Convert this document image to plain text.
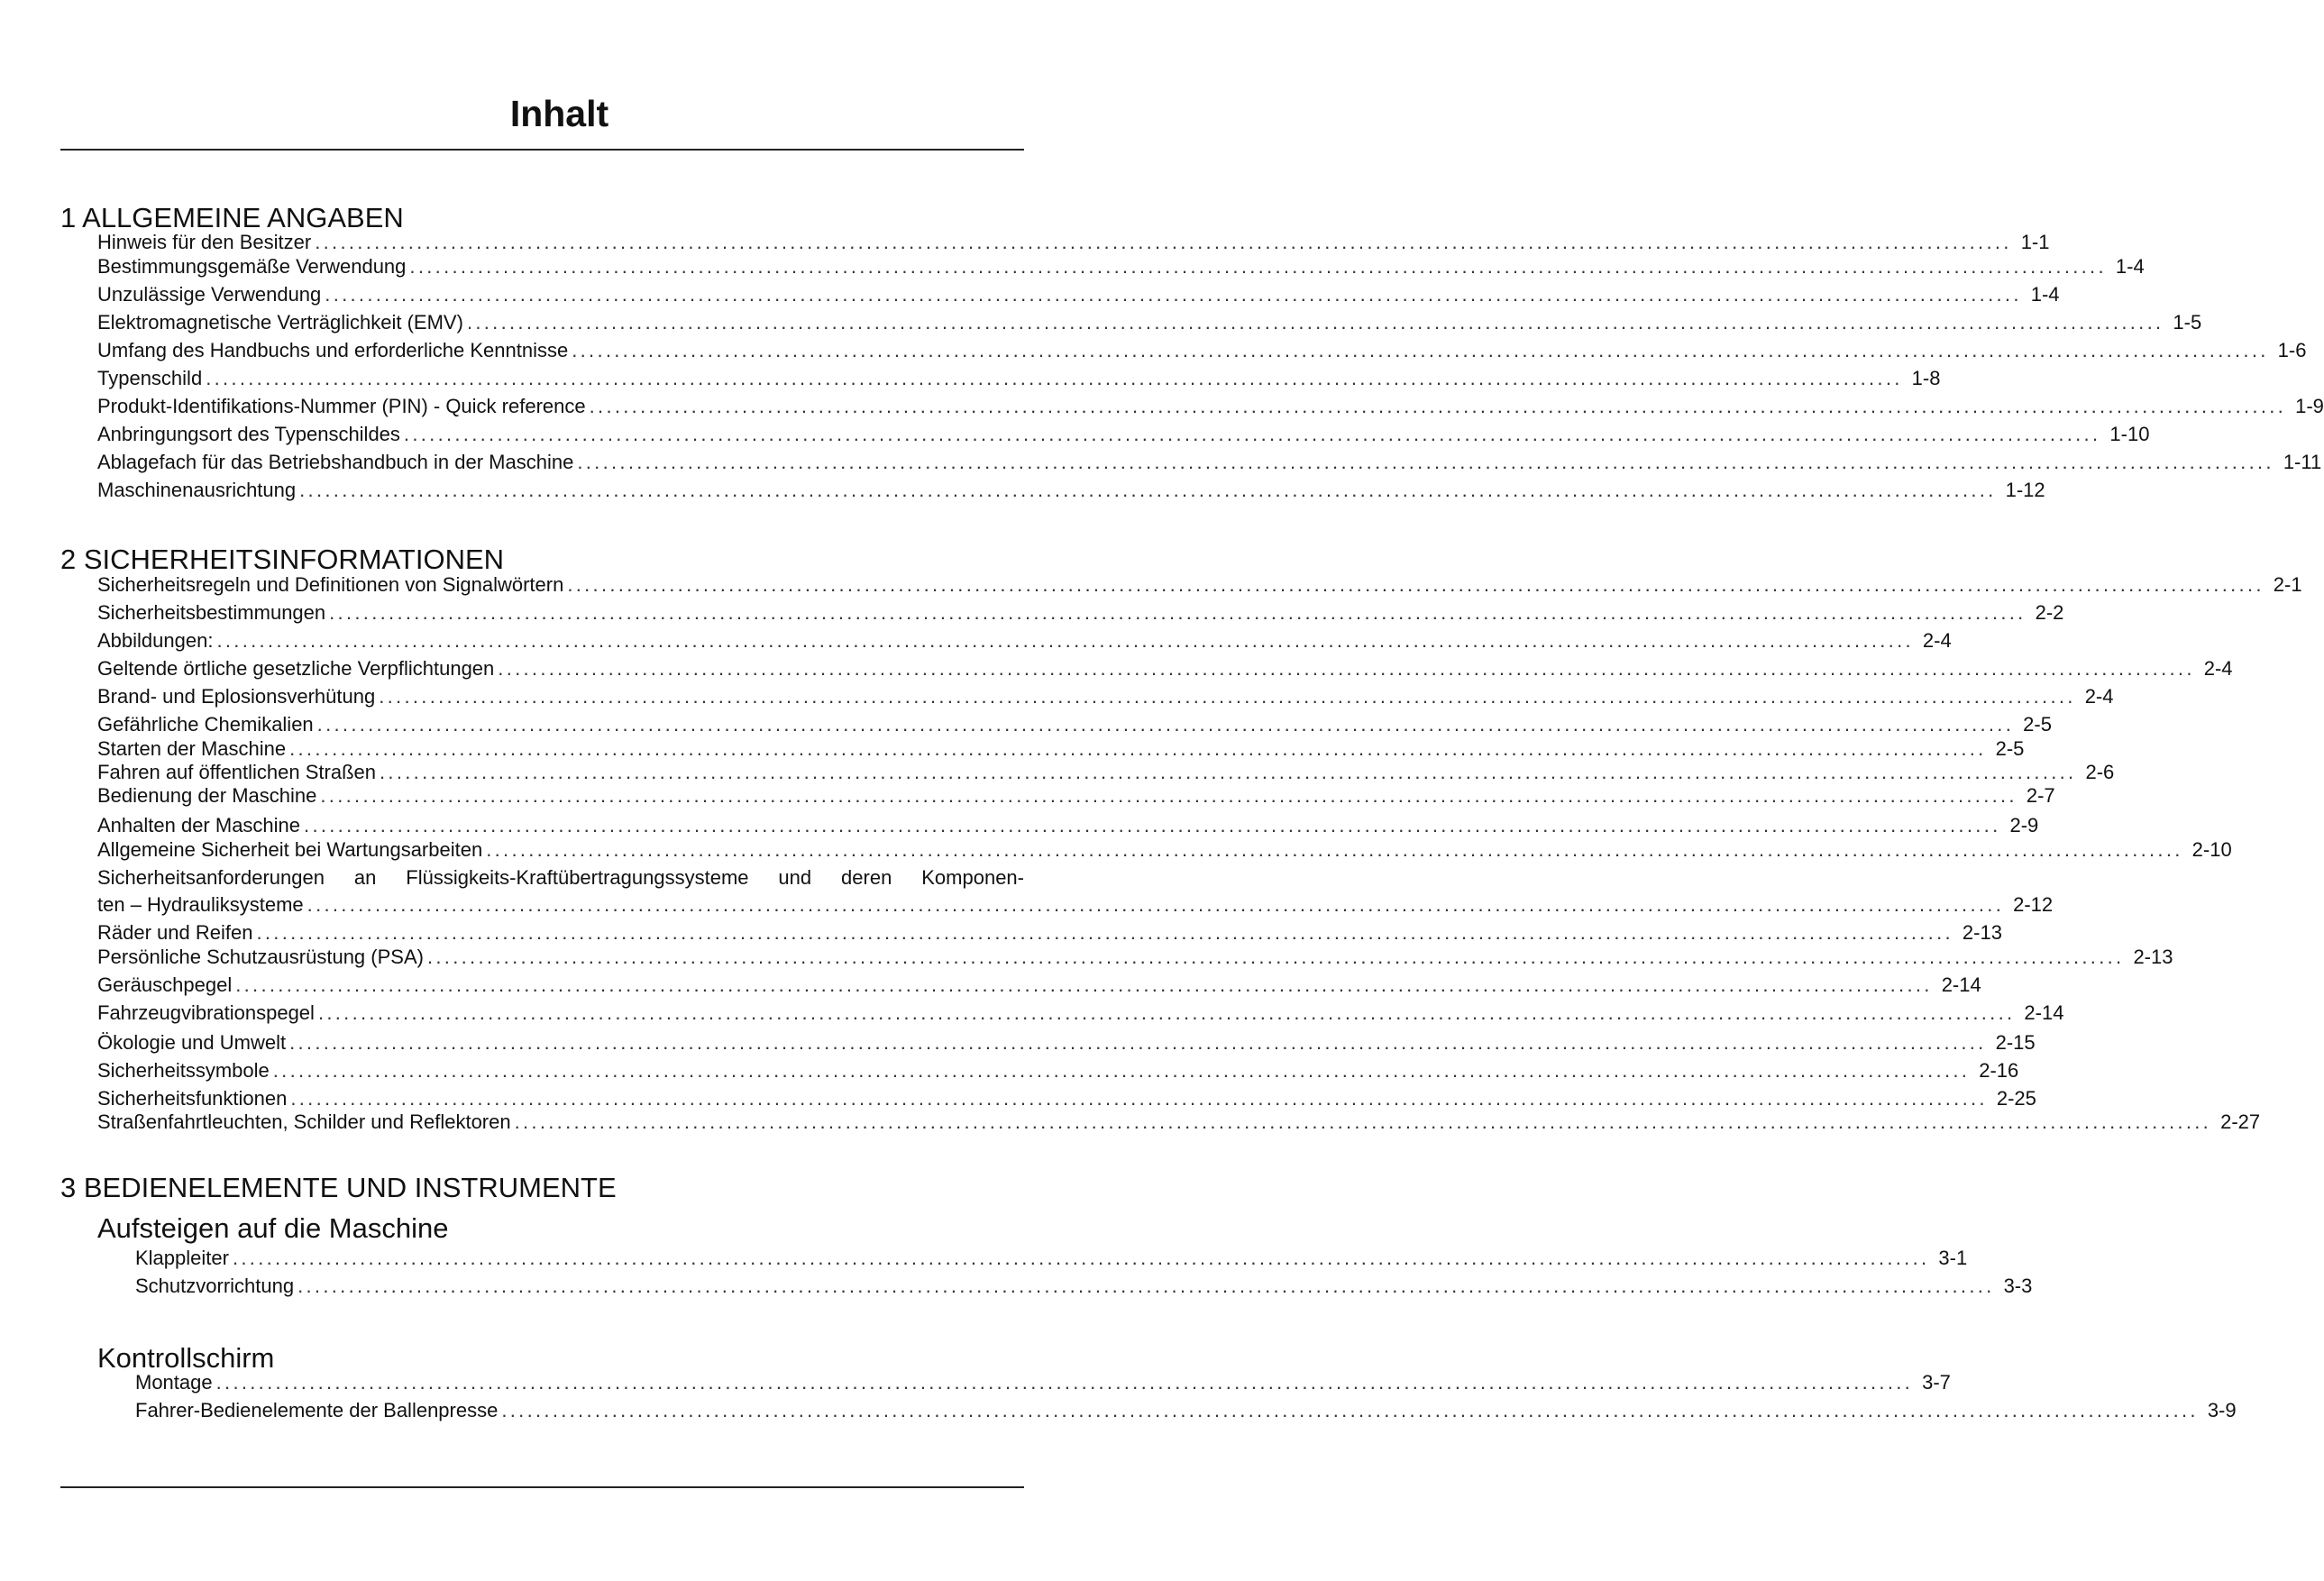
Inhalt
1 ALLGEMEINE ANGABEN
Hinweis für den Besitzer ........................................................................................................................................................................................................ 1-1
Bestimmungsgemäße Verwendung ........................................................................................................................................................................................................ 1-4
Unzulässige Verwendung ........................................................................................................................................................................................................ 1-4
Elektromagnetische Verträglichkeit (EMV) ........................................................................................................................................................................................................ 1-5
Umfang des Handbuchs und erforderliche Kenntnisse ........................................................................................................................................................................................................ 1-6
Typenschild ........................................................................................................................................................................................................ 1-8
Produkt-Identifikations-Nummer (PIN) - Quick reference ........................................................................................................................................................................................................ 1-9
Anbringungsort des Typenschildes ........................................................................................................................................................................................................ 1-10
Ablagefach für das Betriebshandbuch in der Maschine ........................................................................................................................................................................................................ 1-11
Maschinenausrichtung ........................................................................................................................................................................................................ 1-12
2 SICHERHEITSINFORMATIONEN
Sicherheitsregeln und Definitionen von Signalwörtern ........................................................................................................................................................................................................ 2-1
Sicherheitsbestimmungen ........................................................................................................................................................................................................ 2-2
Abbildungen: ........................................................................................................................................................................................................ 2-4
Geltende örtliche gesetzliche Verpflichtungen ........................................................................................................................................................................................................ 2-4
Brand- und Eplosionsverhütung ........................................................................................................................................................................................................ 2-4
Gefährliche Chemikalien ........................................................................................................................................................................................................ 2-5
Starten der Maschine ........................................................................................................................................................................................................ 2-5
Fahren auf öffentlichen Straßen ........................................................................................................................................................................................................ 2-6
Bedienung der Maschine ........................................................................................................................................................................................................ 2-7
Anhalten der Maschine ........................................................................................................................................................................................................ 2-9
Allgemeine Sicherheit bei Wartungsarbeiten ........................................................................................................................................................................................................ 2-10
Sicherheitsanforderungen an Flüssigkeits-Kraftübertragungssysteme und deren Komponen-
ten – Hydrauliksysteme ........................................................................................................................................................................................................ 2-12
Räder und Reifen ........................................................................................................................................................................................................ 2-13
Persönliche Schutzausrüstung (PSA) ........................................................................................................................................................................................................ 2-13
Geräuschpegel ........................................................................................................................................................................................................ 2-14
Fahrzeugvibrationspegel ........................................................................................................................................................................................................ 2-14
Ökologie und Umwelt ........................................................................................................................................................................................................ 2-15
Sicherheitssymbole ........................................................................................................................................................................................................ 2-16
Sicherheitsfunktionen ........................................................................................................................................................................................................ 2-25
Straßenfahrtleuchten, Schilder und Reflektoren ........................................................................................................................................................................................................ 2-27
3 BEDIENELEMENTE UND INSTRUMENTE
Aufsteigen auf die Maschine
Klappleiter ........................................................................................................................................................................................................ 3-1
Schutzvorrichtung ........................................................................................................................................................................................................ 3-3
Kontrollschirm
Montage ........................................................................................................................................................................................................ 3-7
Fahrer-Bedienelemente der Ballenpresse ........................................................................................................................................................................................................ 3-9
